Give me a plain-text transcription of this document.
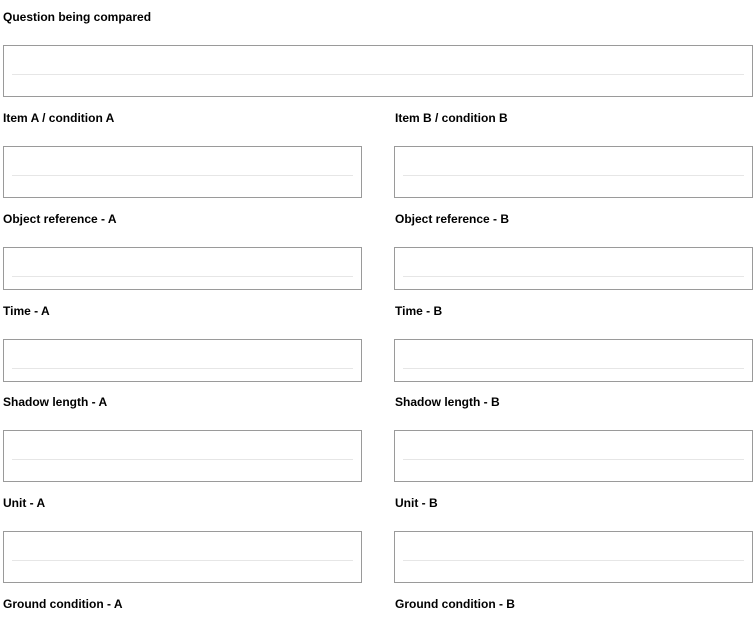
Question being compared
Item A / condition A	Item B / condition B
Object reference - A	Object reference - B
Time - A	Time - B
Shadow length - A	Shadow length - B
Unit - A	Unit - B
Ground condition - A	Ground condition - B
